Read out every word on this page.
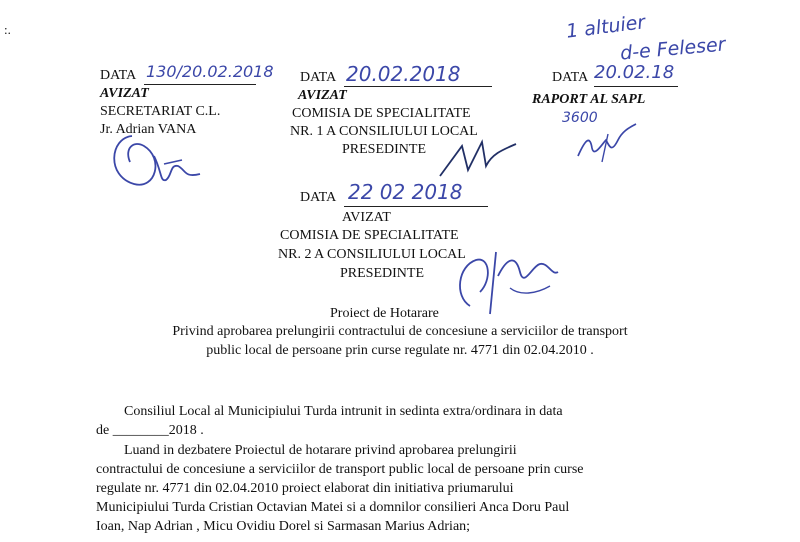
:.	1 altuier
d-e Feleser
DATA 130/20.02.2018
AVIZAT
SECRETARIAT C.L.
Jr. Adrian VANA
DATA 20.02.2018
AVIZAT
COMISIA DE SPECIALITATE
NR. 1 A CONSILIULUI LOCAL
PRESEDINTE
DATA 20.02.18
RAPORT AL SAPL
3600
DATA 22 02 2018
AVIZAT
COMISIA DE SPECIALITATE
NR. 2 A CONSILIULUI LOCAL
PRESEDINTE
Proiect de Hotarare
Privind aprobarea prelungirii contractului de concesiune a serviciilor de transport
public local de persoane prin curse regulate nr. 4771 din 02.04.2010 .
Consiliul Local al Municipiului Turda intrunit in sedinta extra/ordinara in data
de ________2018 .
Luand in dezbatere Proiectul de hotarare privind aprobarea prelungirii
contractului de concesiune a serviciilor de transport public local de persoane prin curse
regulate nr. 4771 din 02.04.2010 proiect elaborat din initiativa priumarului
Municipiului Turda Cristian Octavian Matei si a domnilor consilieri Anca Doru Paul
Ioan, Nap Adrian , Micu Ovidiu Dorel si Sarmasan Marius Adrian;
